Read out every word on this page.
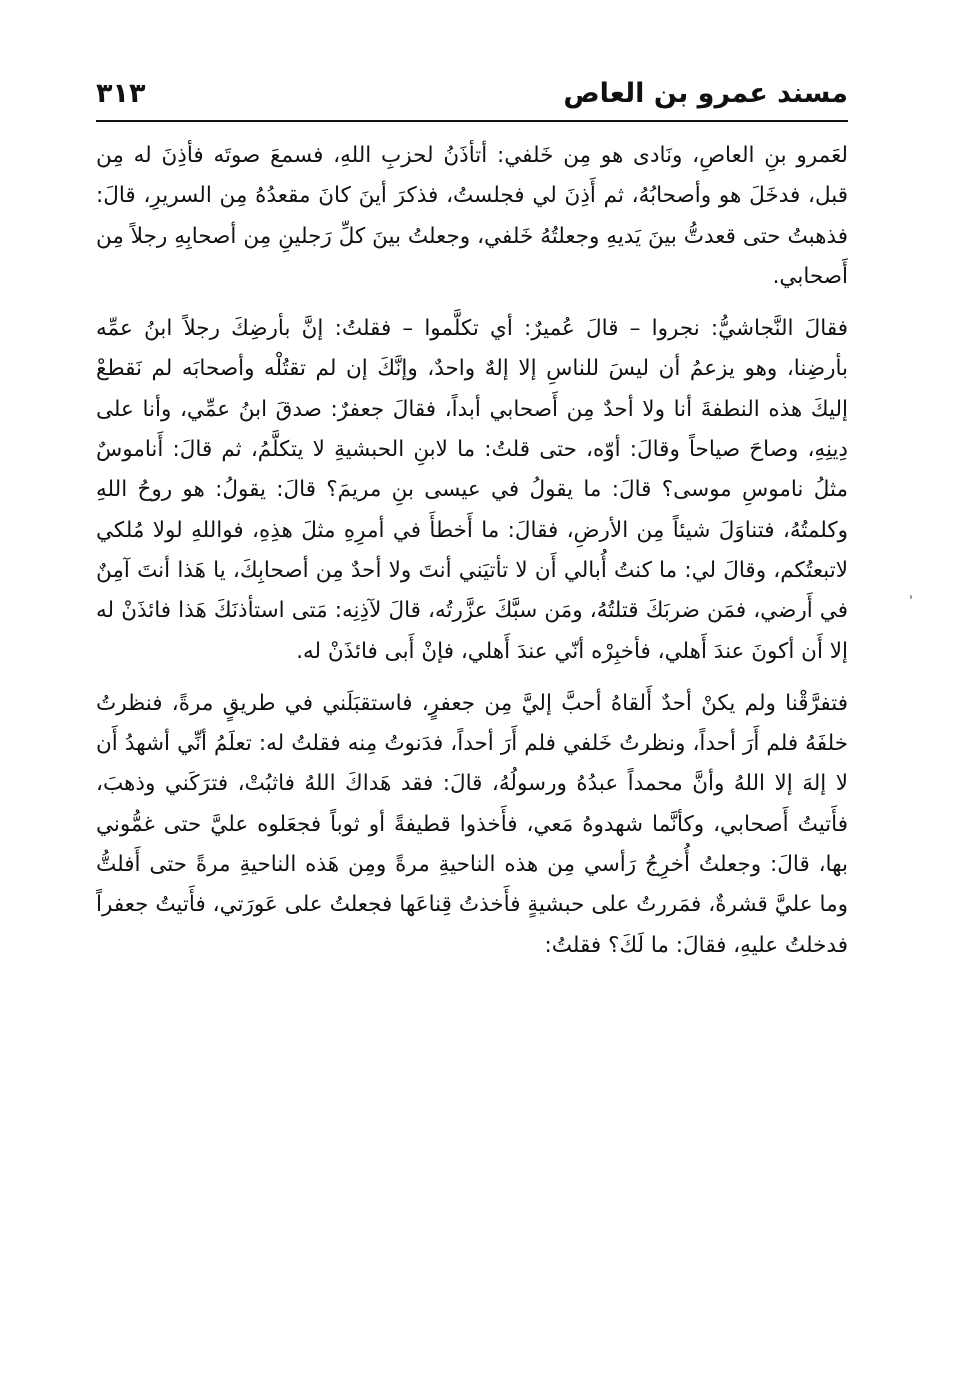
مسند عمرو بن العاص
٣١٣

لعَمرو بنِ العاصِ، ونَادى هو مِن خَلفي: أتأذَنُ لحزبِ اللهِ، فسمعَ صوتَه فأذِنَ له مِن قبل، فدخَلَ هو وأصحابُهُ، ثم أَذِنَ لي فجلستُ، فذكرَ أينَ كانَ مقعدُهُ مِن السريرِ، قالَ: فذهبتُ حتى قعدتُّ بينَ يَديهِ وجعلتُهُ خَلفي، وجعلتُ بينَ كلِّ رَجلينِ مِن أصحابِهِ رجلاً مِن أَصحابي.

فقالَ النَّجاشيُّ: نجروا – قالَ عُميرٌ: أي تكلَّموا – فقلتُ: إنَّ بأرضِكَ رجلاً ابنُ عمِّه بأرضِنا، وهو يزعمُ أن ليسَ للناسِ إلا إلهٌ واحدٌ، وإنَّكَ إن لم تقتُلْه وأصحابَه لم نَقطعْ إليكَ هذه النطفةَ أنا ولا أحدٌ مِن أَصحابي أبداً، فقالَ جعفرٌ: صدقَ ابنُ عمِّي، وأنا على دِينِهِ، وصاحَ صياحاً وقالَ: أوّه، حتى قلتُ: ما لابنِ الحبشيةِ لا يتكلَّمُ، ثم قالَ: أَناموسٌ مثلُ ناموسِ موسى؟ قالَ: ما يقولُ في عيسى بنِ مريمَ؟ قالَ: يقولُ: هو روحُ اللهِ وكلمتُهُ، فتناوَلَ شيئاً مِن الأرضِ، فقالَ: ما أَخطأَ في أمرِهِ مثلَ هذِهِ، فواللهِ لولا مُلكي لاتبعتُكم، وقالَ لي: ما كنتُ أُبالي أَن لا تأتيَني أنتَ ولا أحدٌ مِن أصحابِكَ، يا هَذا أنتَ آمِنٌ في أَرضي، فمَن ضربَكَ قتلتُهُ، ومَن سبَّكَ عزَّرتُه، قالَ لآذِنِه: مَتى استأذنَكَ هَذا فائذَنْ له إلا أَن أكونَ عندَ أَهلي، فأخبِرْه أنّي عندَ أَهلي، فإنْ أَبى فائذَنْ له.

فتفرَّقْنا ولم يكنْ أحدٌ أَلقاهُ أحبَّ إليَّ مِن جعفرٍ، فاستقبَلَني في طريقٍ مرةً، فنظرتُ خلفَهُ فلم أَرَ أحداً، ونظرتُ خَلفي فلم أَرَ أحداً، فدَنوتُ مِنه فقلتُ له: تعلَمُ أنِّي أشهدُ أَن لا إلهَ إلا اللهُ وأنَّ محمداً عبدُهُ ورسولُهُ، قالَ: فقد هَداكَ اللهُ فاثبُتْ، فترَكَني وذهبَ، فأَتيتُ أَصحابي، وكأنَّما شهدوهُ مَعي، فأَخذوا قطيفةً أو ثوباً فجعَلوه عليَّ حتى غمُّوني بها، قالَ: وجعلتُ أُخرِجُ رَأسي مِن هذه الناحيةِ مرةً ومِن هَذه الناحيةِ مرةً حتى أَفلتُّ وما عليَّ قشرةٌ، فمَررتُ على حبشيةٍ فأَخذتُ قِناعَها فجعلتُ على عَورَتي، فأَتيتُ جعفراً فدخلتُ عليهِ، فقالَ: ما لَكَ؟ فقلتُ:
